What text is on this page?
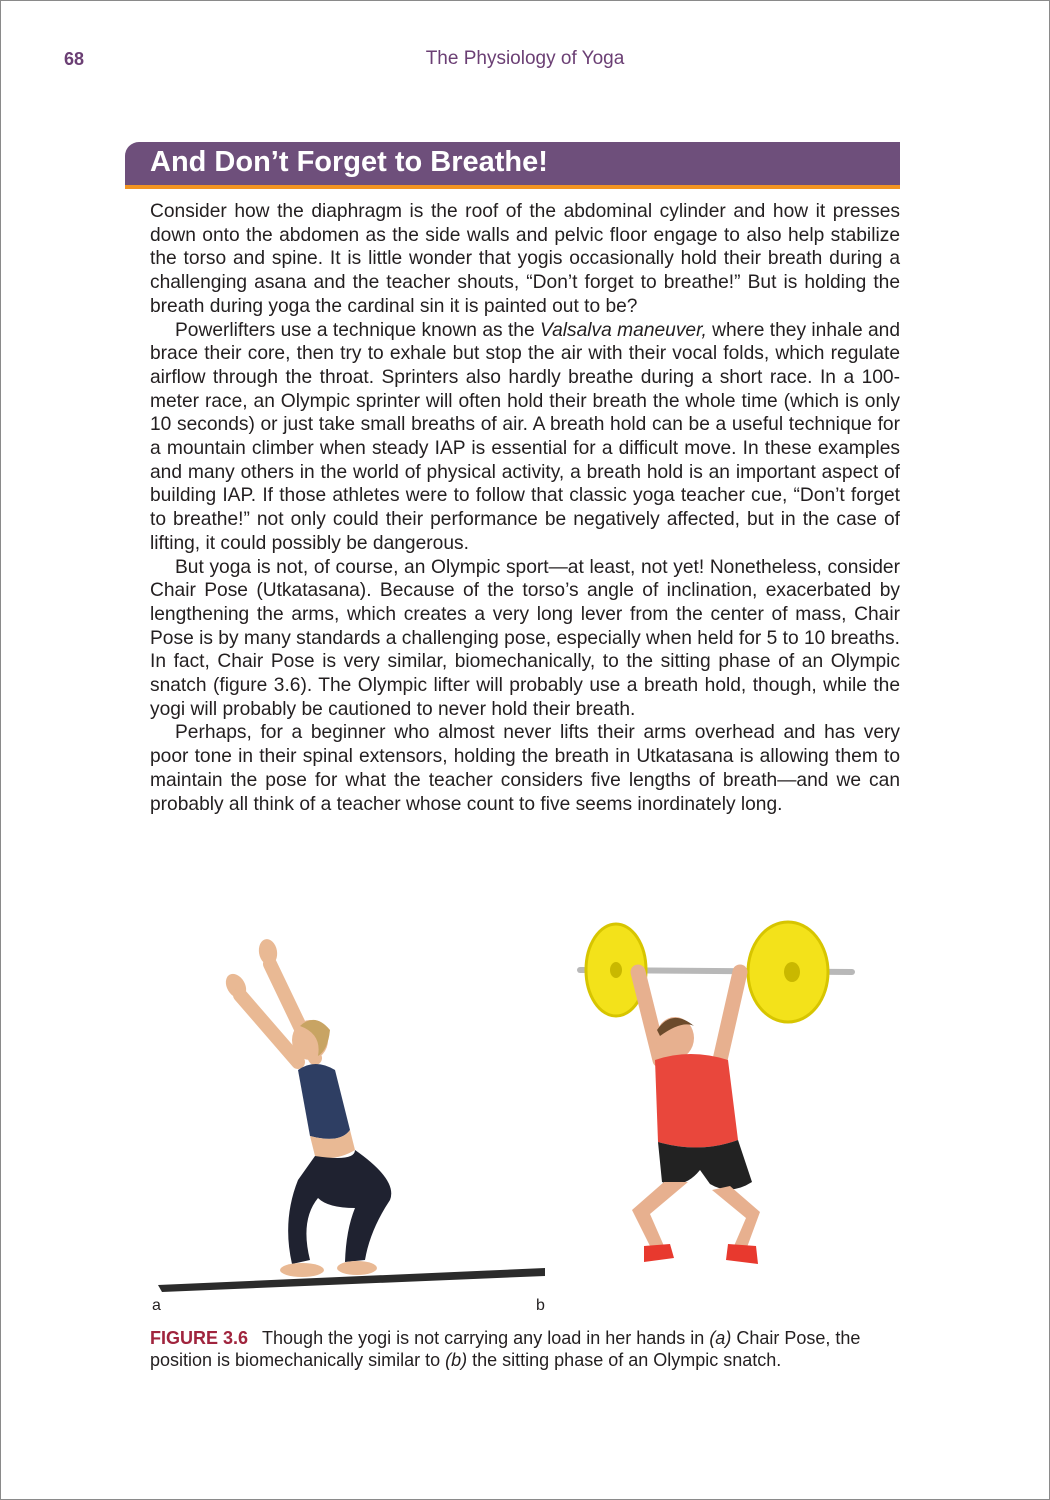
68	The Physiology of Yoga
And Don’t Forget to Breathe!

Consider how the diaphragm is the roof of the abdominal cylinder and how it presses down onto the abdomen as the side walls and pelvic floor engage to also help stabilize the torso and spine. It is little wonder that yogis occasionally hold their breath during a challenging asana and the teacher shouts, “Don’t forget to breathe!” But is holding the breath during yoga the cardinal sin it is painted out to be?

Powerlifters use a technique known as the Valsalva maneuver, where they inhale and brace their core, then try to exhale but stop the air with their vocal folds, which regulate airflow through the throat. Sprinters also hardly breathe during a short race. In a 100-meter race, an Olympic sprinter will often hold their breath the whole time (which is only 10 seconds) or just take small breaths of air. A breath hold can be a useful technique for a mountain climber when steady IAP is essential for a difficult move. In these examples and many others in the world of physical activity, a breath hold is an important aspect of building IAP. If those athletes were to follow that classic yoga teacher cue, “Don’t forget to breathe!” not only could their performance be negatively affected, but in the case of lifting, it could possibly be dangerous.

But yoga is not, of course, an Olympic sport—at least, not yet! Nonetheless, consider Chair Pose (Utkatasana). Because of the torso’s angle of inclination, exacerbated by lengthening the arms, which creates a very long lever from the center of mass, Chair Pose is by many standards a challenging pose, especially when held for 5 to 10 breaths. In fact, Chair Pose is very similar, biomechanically, to the sitting phase of an Olympic snatch (figure 3.6). The Olympic lifter will probably use a breath hold, though, while the yogi will probably be cautioned to never hold their breath.

Perhaps, for a beginner who almost never lifts their arms overhead and has very poor tone in their spinal extensors, holding the breath in Utkatasana is allowing them to maintain the pose for what the teacher considers five lengths of breath—and we can probably all think of a teacher whose count to five seems inordinately long.

a	b
FIGURE 3.6 Though the yogi is not carrying any load in her hands in (a) Chair Pose, the position is biomechanically similar to (b) the sitting phase of an Olympic snatch.
